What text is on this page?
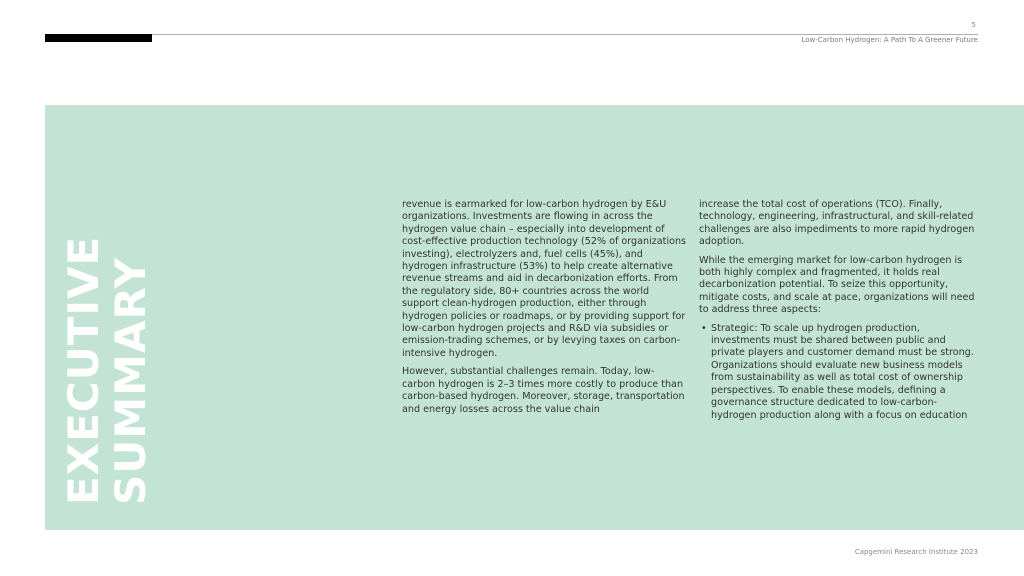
5
Low-Carbon Hydrogen: A Path To A Greener Future
EXECUTIVE
SUMMARY

revenue is earmarked for low-carbon hydrogen by E&U organizations. Investments are flowing in across the hydrogen value chain – especially into development of cost-effective production technology (52% of organizations investing), electrolyzers and, fuel cells (45%), and hydrogen infrastructure (53%) to help create alternative revenue streams and aid in decarbonization efforts. From the regulatory side, 80+ countries across the world support clean-hydrogen production, either through hydrogen policies or roadmaps, or by providing support for low-carbon hydrogen projects and R&D via subsidies or emission-trading schemes, or by levying taxes on carbon-intensive hydrogen.

However, substantial challenges remain. Today, low-carbon hydrogen is 2–3 times more costly to produce than carbon-based hydrogen. Moreover, storage, transportation and energy losses across the value chain

increase the total cost of operations (TCO). Finally, technology, engineering, infrastructural, and skill-related challenges are also impediments to more rapid hydrogen adoption.

While the emerging market for low-carbon hydrogen is both highly complex and fragmented, it holds real decarbonization potential. To seize this opportunity, mitigate costs, and scale at pace, organizations will need to address three aspects:

• Strategic: To scale up hydrogen production, investments must be shared between public and private players and customer demand must be strong. Organizations should evaluate new business models from sustainability as well as total cost of ownership perspectives. To enable these models, defining a governance structure dedicated to low-carbon-hydrogen production along with a focus on education
Capgemini Research Institute 2023
